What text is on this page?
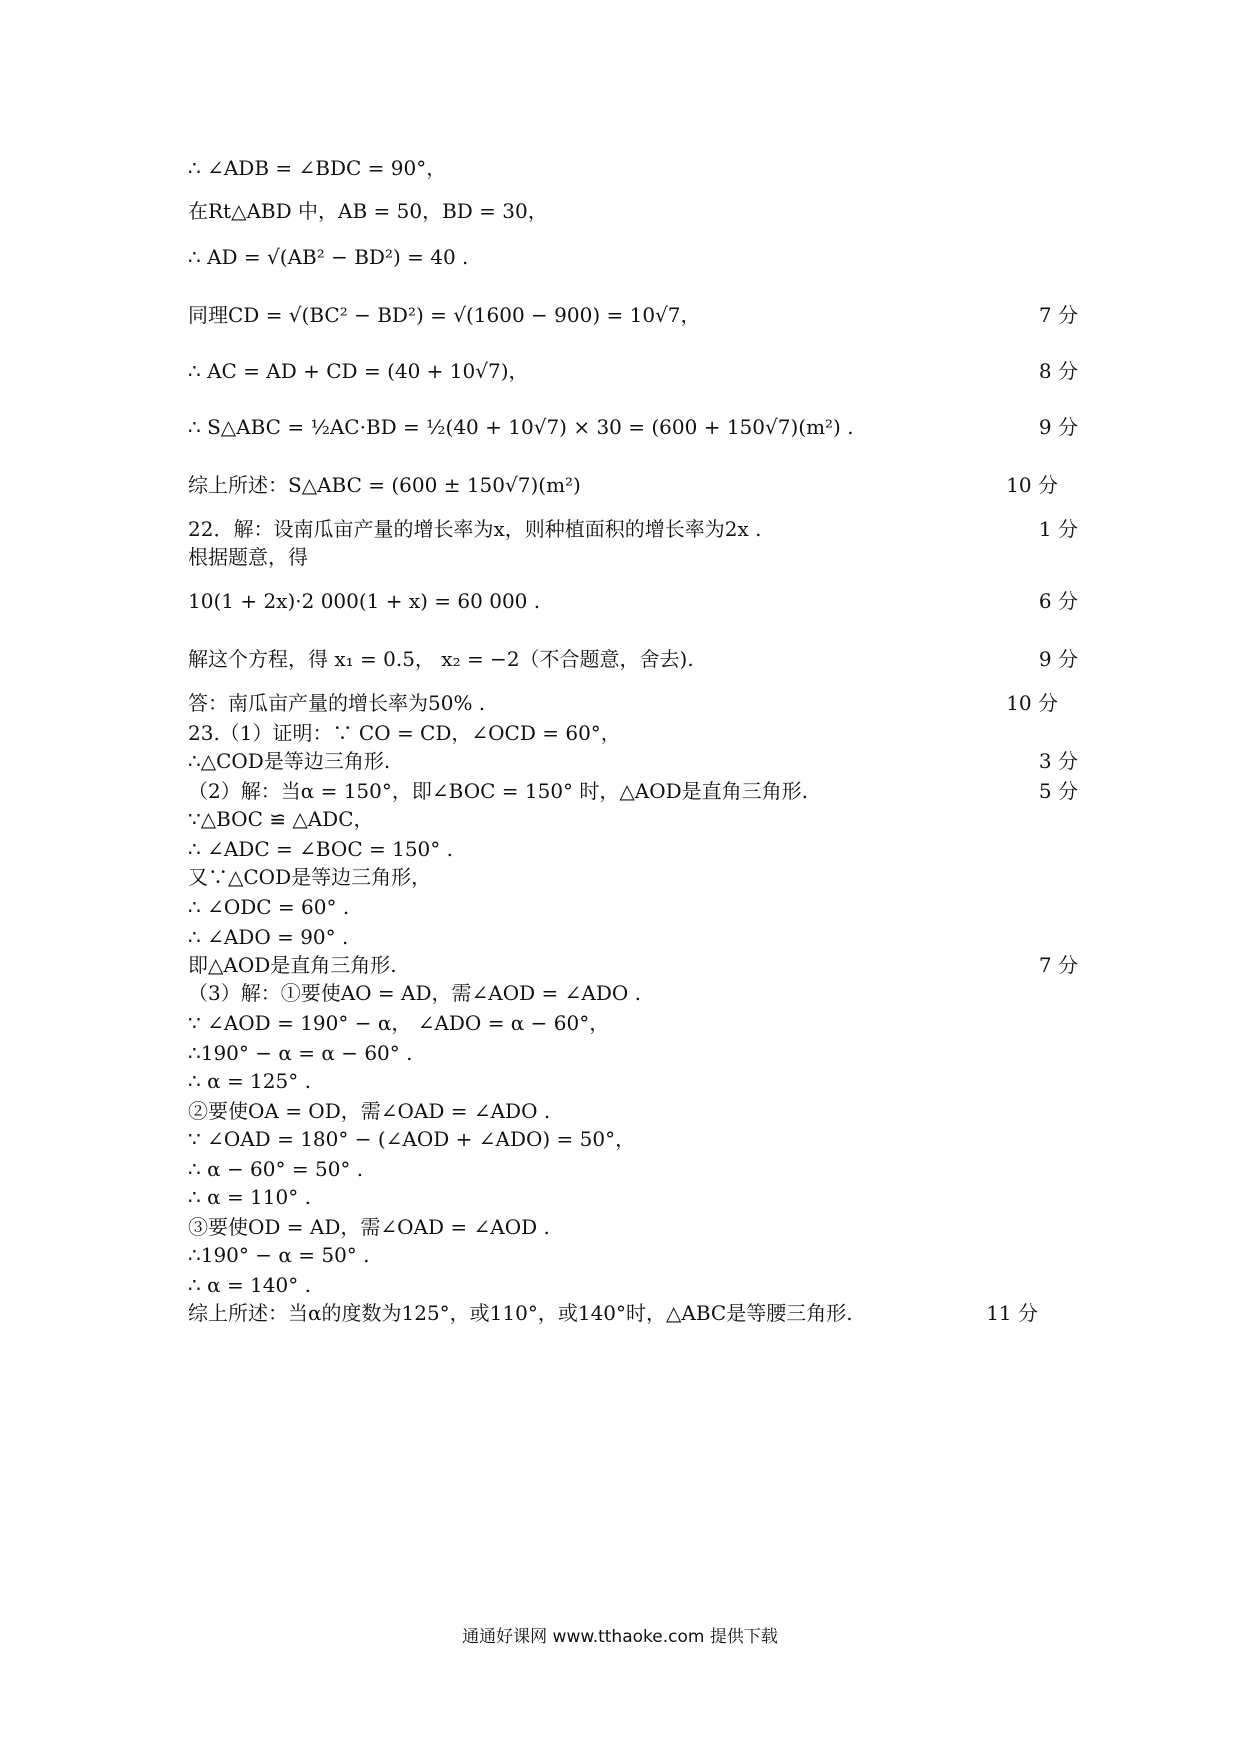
∴ ∠ADB = ∠BDC = 90°，
在Rt△ABD 中，AB = 50，BD = 30，
∴ AD = √(AB² − BD²) = 40 .
同理CD = √(BC² − BD²) = √(1600 − 900) = 10√7，	7 分
∴ AC = AD + CD = (40 + 10√7)，	8 分
∴ S△ABC = ½AC·BD = ½(40 + 10√7) × 30 = (600 + 150√7)(m²) .	9 分
综上所述：S△ABC = (600 ± 150√7)(m²)	10 分
22．解：设南瓜亩产量的增长率为x，则种植面积的增长率为2x .	1 分
根据题意，得
10(1 + 2x)·2 000(1 + x) = 60 000 .	6 分
解这个方程，得 x₁ = 0.5， x₂ = −2（不合题意，舍去).	9 分
答：南瓜亩产量的增长率为50% .	10 分
23.（1）证明：∵ CO = CD，∠OCD = 60°，
∴△COD是等边三角形.	3 分
（2）解：当α = 150°，即∠BOC = 150° 时，△AOD是直角三角形.	5 分
∵△BOC ≌ △ADC，
∴ ∠ADC = ∠BOC = 150° .
又∵△COD是等边三角形，
∴ ∠ODC = 60° .
∴ ∠ADO = 90° .
即△AOD是直角三角形.	7 分
（3）解：①要使AO = AD，需∠AOD = ∠ADO .
∵ ∠AOD = 190° − α， ∠ADO = α − 60°，
∴190° − α = α − 60° .
∴ α = 125° .
②要使OA = OD，需∠OAD = ∠ADO .
∵ ∠OAD = 180° − (∠AOD + ∠ADO) = 50°，
∴ α − 60° = 50° .
∴ α = 110° .
③要使OD = AD，需∠OAD = ∠AOD .
∴190° − α = 50° .
∴ α = 140° .
综上所述：当α的度数为125°，或110°，或140°时，△ABC是等腰三角形.	11 分
通通好课网 www.tthaoke.com 提供下载
